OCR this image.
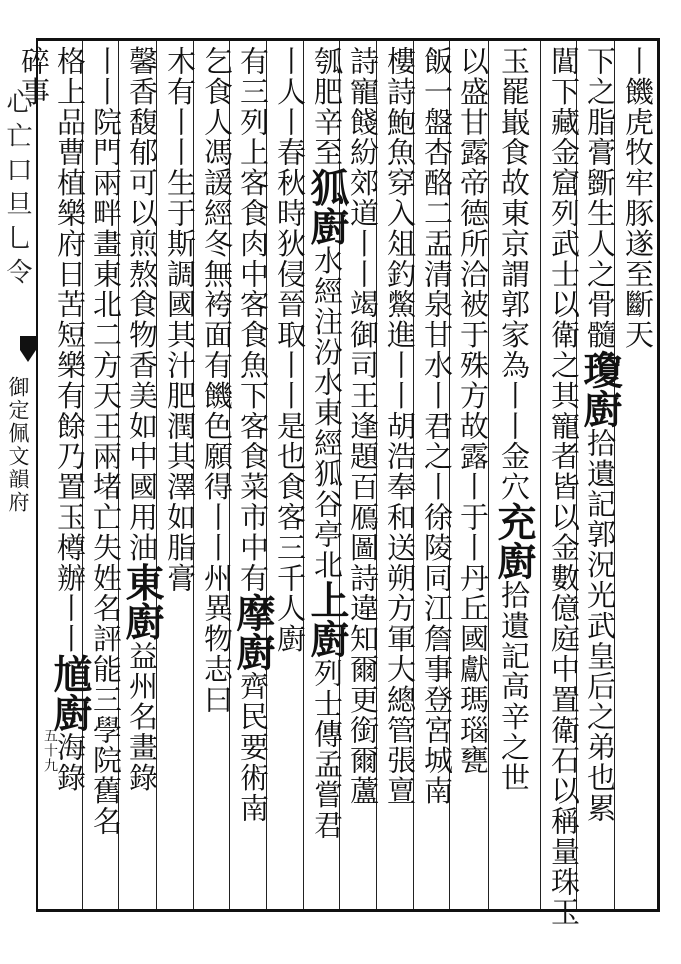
心亡口旦乚令
御定佩文韻府
五十九
丨饑虎牧牢豚遂至斷天
下之脂膏斵生人之骨髓瓊廚拾遺記郭況光武皇后之弟也累
閶下藏金窟列武士以衛之其寵者皆以金數億庭中置衛石以稱量珠玉
玉罷嶯食故東京謂郭家為丨丨金穴充廚拾遺記高辛之世
以盛甘露帝德所洽被于殊方故露丨于丨丹丘國獻瑪瑙甕
飯一盤杏酪二盂清泉甘水丨君之丨徐陵同江詹事登宮城南
樓詩鮑魚穿入俎釣鱉進丨丨胡浩奉和送朔方軍大總管張亶
詩寵餞紛郊道丨丨竭御司王逢題百鴈圖詩違知爾更銜爾蘆
瓠肥辛至狐廚水經注汾水東經狐谷亭北上廚列士傳孟嘗君
丨人丨春秋時狄侵晉取丨丨是也食客三千人廚
有三列上客食肉中客食魚下客食菜市中有摩廚齊民要術南
乞食人馮諼經冬無袴面有饑色願得丨丨州異物志曰
木有丨丨生于斯調國其汁肥潤其澤如脂膏
馨香馥郁可以煎熬食物香美如中國用油東廚益州名畫錄
丨丨院門兩畔畫東北二方天王兩堵亡失姓名評能三學院舊名
格上品曹植樂府日苦短樂有餘乃置玉樽辦丨丨馗廚海錄
碎事
